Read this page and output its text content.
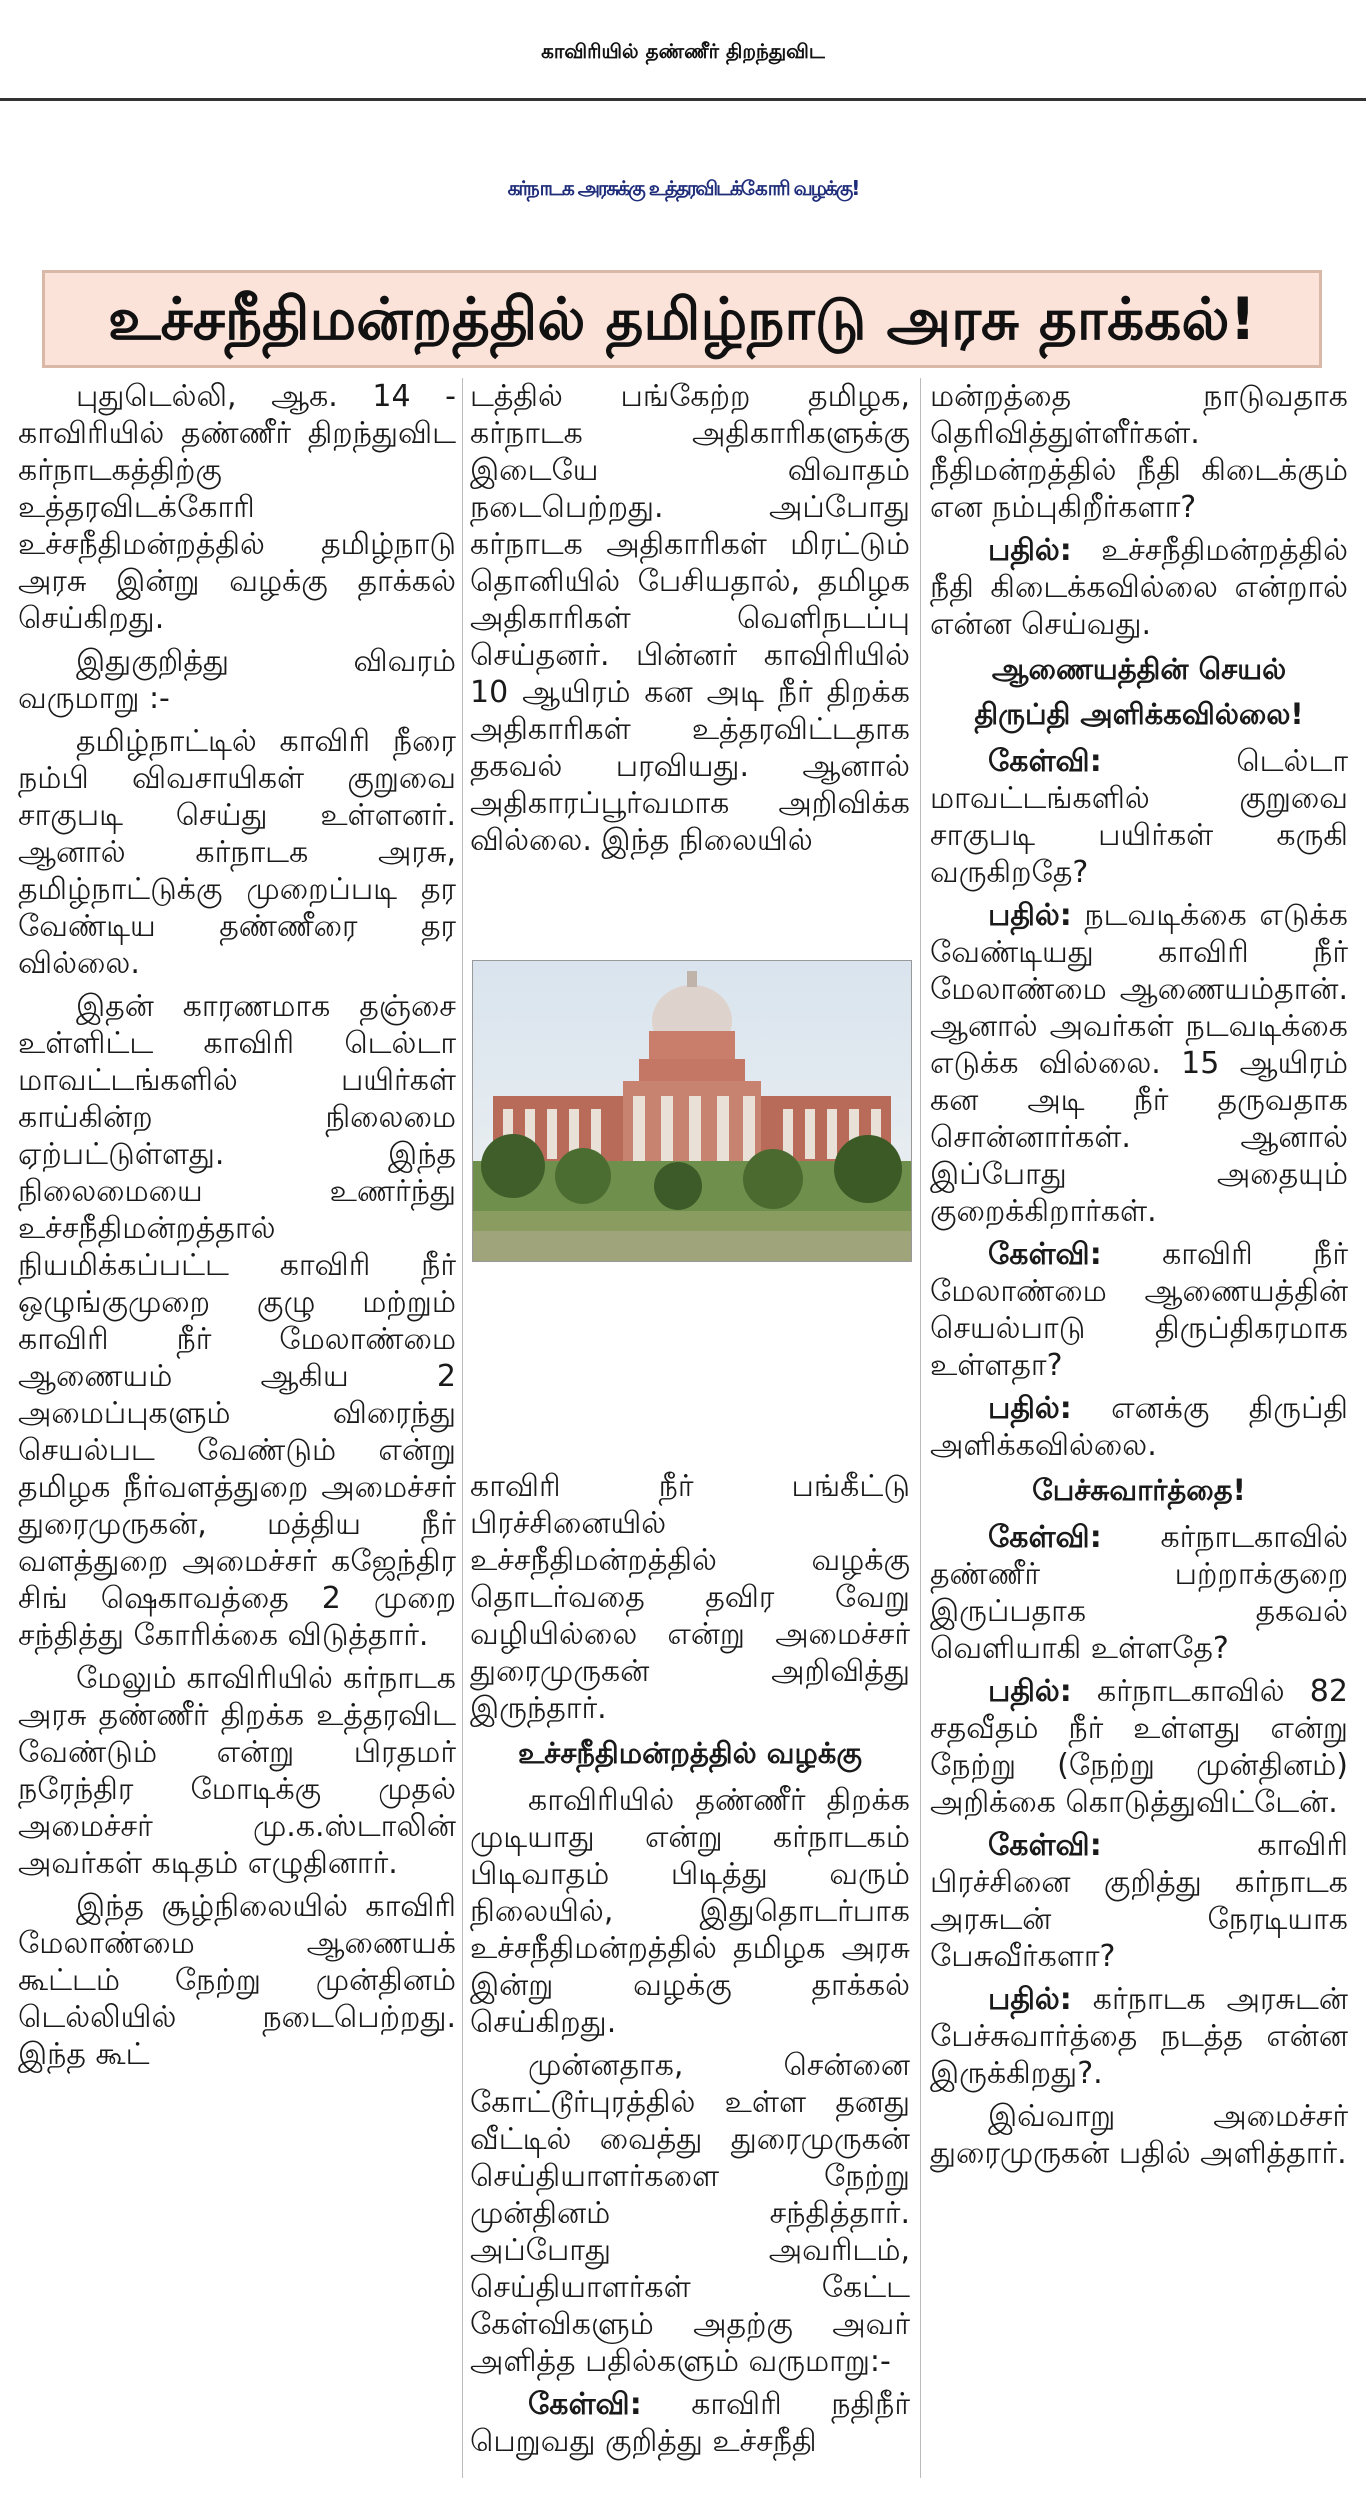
காவிரியில் தண்ணீர் திறந்துவிட
கர்நாடக அரசுக்கு உத்தரவிடக்கோரி வழக்கு!
உச்சநீதிமன்றத்தில் தமிழ்நாடு அரசு தாக்கல்!

புதுடெல்லி, ஆக. 14 - காவிரியில் தண்ணீர் திறந்துவிட கர்நாடகத்திற்கு உத்தரவிடக்கோரி உச்சநீதிமன்றத்தில் தமிழ்நாடு அரசு இன்று வழக்கு தாக்கல் செய்கிறது.

இதுகுறித்து விவரம் வருமாறு :-

தமிழ்நாட்டில் காவிரி நீரை நம்பி விவசாயிகள் குறுவை சாகுபடி செய்து உள்ளனர். ஆனால் கர்நாடக அரசு, தமிழ்நாட்டுக்கு முறைப்படி தர வேண்டிய தண்ணீரை தர வில்லை.

இதன் காரணமாக தஞ்சை உள்ளிட்ட காவிரி டெல்டா மாவட்டங்களில் பயிர்கள் காய்கின்ற நிலைமை ஏற்பட்டுள்ளது. இந்த நிலைமையை உணர்ந்து உச்சநீதிமன்றத்தால் நியமிக்கப்பட்ட காவிரி நீர் ஒழுங்குமுறை குழு மற்றும் காவிரி நீர் மேலாண்மை ஆணையம் ஆகிய 2 அமைப்புகளும் விரைந்து செயல்பட வேண்டும் என்று தமிழக நீர்வளத்துறை அமைச்சர் துரைமுருகன், மத்திய நீர் வளத்துறை அமைச்சர் கஜேந்திர சிங் ஷெகாவத்தை 2 முறை சந்தித்து கோரிக்கை விடுத்தார்.

மேலும் காவிரியில் கர்நாடக அரசு தண்ணீர் திறக்க உத்தரவிட வேண்டும் என்று பிரதமர் நரேந்திர மோடிக்கு முதல் அமைச்சர் மு.க.ஸ்டாலின் அவர்கள் கடிதம் எழுதினார்.

இந்த சூழ்நிலையில் காவிரி மேலாண்மை ஆணையக் கூட்டம் நேற்று முன்தினம் டெல்லியில் நடைபெற்றது. இந்த கூட்

டத்தில் பங்கேற்ற தமிழக, கர்நாடக அதிகாரிகளுக்கு இடையே விவாதம் நடைபெற்றது. அப்போது கர்நாடக அதிகாரிகள் மிரட்டும் தொனியில் பேசியதால், தமிழக அதிகாரிகள் வெளிநடப்பு செய்தனர். பின்னர் காவிரியில் 10 ஆயிரம் கன அடி நீர் திறக்க அதிகாரிகள் உத்தரவிட்டதாக தகவல் பரவியது. ஆனால் அதிகாரப்பூர்வமாக அறிவிக்க வில்லை. இந்த நிலையில்

காவிரி நீர் பங்கீட்டு பிரச்சினையில் உச்சநீதிமன்றத்தில் வழக்கு தொடர்வதை தவிர வேறு வழியில்லை என்று அமைச்சர் துரைமுருகன் அறிவித்து இருந்தார்.

உச்சநீதிமன்றத்தில் வழக்கு

காவிரியில் தண்ணீர் திறக்க முடியாது என்று கர்நாடகம் பிடிவாதம் பிடித்து வரும் நிலையில், இதுதொடர்பாக உச்சநீதிமன்றத்தில் தமிழக அரசு இன்று வழக்கு தாக்கல் செய்கிறது.

முன்னதாக, சென்னை கோட்டூர்புரத்தில் உள்ள தனது வீட்டில் வைத்து துரைமுருகன் செய்தியாளர்களை நேற்று முன்தினம் சந்தித்தார். அப்போது அவரிடம், செய்தியாளர்கள் கேட்ட கேள்விகளும் அதற்கு அவர் அளித்த பதில்களும் வருமாறு:-

கேள்வி: காவிரி நதிநீர் பெறுவது குறித்து உச்சநீதி

மன்றத்தை நாடுவதாக தெரிவித்துள்ளீர்கள். நீதிமன்றத்தில் நீதி கிடைக்கும் என நம்புகிறீர்களா?

பதில்: உச்சநீதிமன்றத்தில் நீதி கிடைக்கவில்லை என்றால் என்ன செய்வது.

ஆணையத்தின் செயல்

திருப்தி அளிக்கவில்லை!

கேள்வி:	டெல்டா மாவட்டங்களில் குறுவை சாகுபடி பயிர்கள் கருகி வருகிறதே?

பதில்: நடவடிக்கை எடுக்க வேண்டியது காவிரி நீர் மேலாண்மை ஆணையம்தான். ஆனால் அவர்கள் நடவடிக்கை எடுக்க வில்லை. 15 ஆயிரம் கன அடி நீர் தருவதாக சொன்னார்கள். ஆனால் இப்போது அதையும் குறைக்கிறார்கள்.

கேள்வி: காவிரி நீர் மேலாண்மை ஆணையத்தின் செயல்பாடு திருப்திகரமாக உள்ளதா?

பதில்: எனக்கு திருப்தி அளிக்கவில்லை.

பேச்சுவார்த்தை!

கேள்வி: கர்நாடகாவில் தண்ணீர் பற்றாக்குறை இருப்பதாக தகவல் வெளியாகி உள்ளதே?

பதில்: கர்நாடகாவில் 82 சதவீதம் நீர் உள்ளது என்று நேற்று (நேற்று முன்தினம்) அறிக்கை கொடுத்துவிட்டேன்.

கேள்வி:	காவிரி பிரச்சினை குறித்து கர்நாடக அரசுடன் நேரடியாக பேசுவீர்களா?

பதில்: கர்நாடக அரசுடன் பேச்சுவார்த்தை நடத்த என்ன இருக்கிறது?.

இவ்வாறு அமைச்சர் துரைமுருகன் பதில் அளித்தார்.
